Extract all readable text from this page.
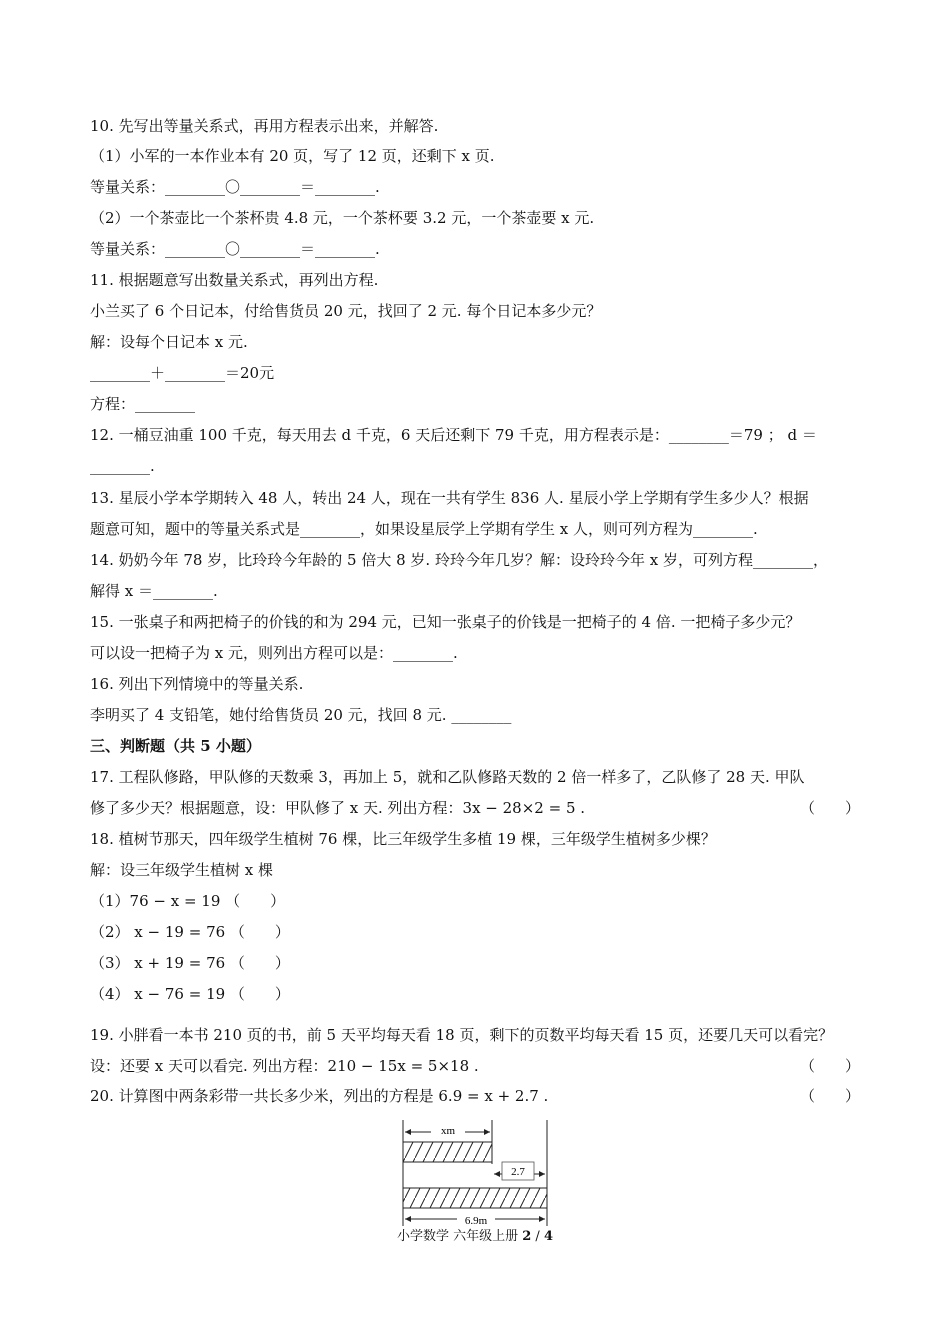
10. 先写出等量关系式，再用方程表示出来，并解答.
（1）小军的一本作业本有 20 页，写了 12 页，还剩下 x 页.
等量关系：________〇________＝________.
（2）一个茶壶比一个茶杯贵 4.8 元，一个茶杯要 3.2 元，一个茶壶要 x 元.
等量关系：________〇________＝________.
11. 根据题意写出数量关系式，再列出方程.
小兰买了 6 个日记本，付给售货员 20 元，找回了 2 元. 每个日记本多少元？
解：设每个日记本 x 元.
________＋________＝20元
方程：________
12. 一桶豆油重 100 千克，每天用去 d 千克，6 天后还剩下 79 千克，用方程表示是：________＝79 ； d ＝
________.
13. 星辰小学本学期转入 48 人，转出 24 人，现在一共有学生 836 人. 星辰小学上学期有学生多少人？根据
题意可知，题中的等量关系式是________，如果设星辰学上学期有学生 x 人，则可列方程为________.
14. 奶奶今年 78 岁，比玲玲今年龄的 5 倍大 8 岁. 玲玲今年几岁？解：设玲玲今年 x 岁，可列方程________，
解得 x ＝________.
15. 一张桌子和两把椅子的价钱的和为 294 元，已知一张桌子的价钱是一把椅子的 4 倍. 一把椅子多少元？
可以设一把椅子为 x 元，则列出方程可以是：________.
16. 列出下列情境中的等量关系.
李明买了 4 支铅笔，她付给售货员 20 元，找回 8 元. ________
三、判断题（共 5 小题）
17. 工程队修路，甲队修的天数乘 3，再加上 5，就和乙队修路天数的 2 倍一样多了，乙队修了 28 天. 甲队
修了多少天？根据题意，设：甲队修了 x 天. 列出方程：3x − 28×2 = 5 .	（　　）
18. 植树节那天，四年级学生植树 76 棵，比三年级学生多植 19 棵，三年级学生植树多少棵？
解：设三年级学生植树 x 棵
（1）76 − x = 19 （　　）
（2） x − 19 = 76 （　　）
（3） x + 19 = 76 （　　）
（4） x − 76 = 19 （　　）
19. 小胖看一本书 210 页的书，前 5 天平均每天看 18 页，剩下的页数平均每天看 15 页，还要几天可以看完？
设：还要 x 天可以看完. 列出方程：210 − 15x = 5×18 .	（　　）
20. 计算图中两条彩带一共长多少米，列出的方程是 6.9 = x + 2.7 .	（　　）
xm
2.7
6.9m
小学数学 六年级上册 2 / 4
